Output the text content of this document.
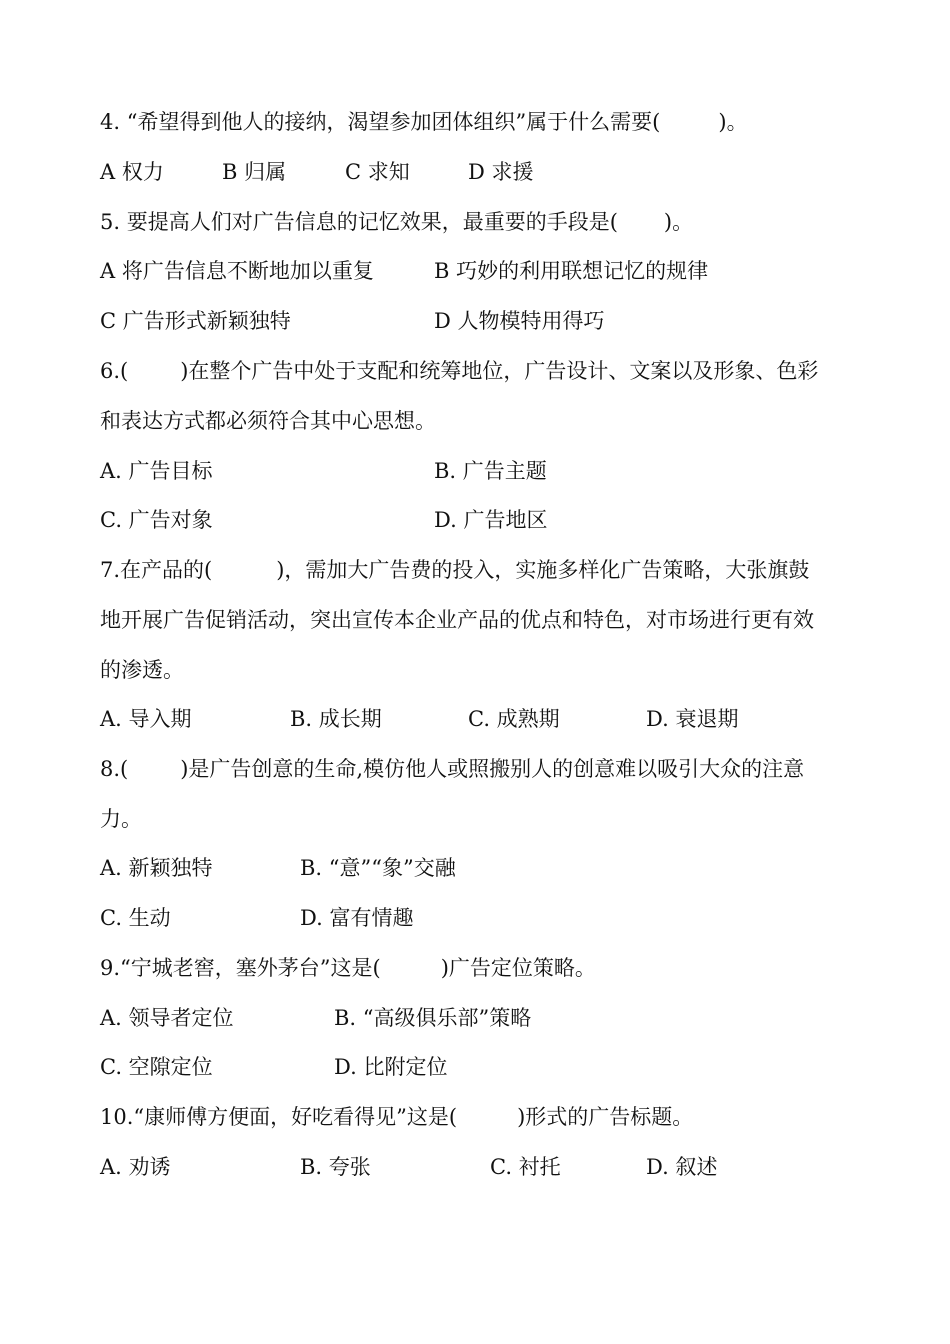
4. “希望得到他人的接纳，渴望参加团体组织”属于什么需要(	)。

A 权力

	B 归属

	C 求知

	D 求援

5. 要提高人们对广告信息的记忆效果，最重要的手段是( )。

A 将广告信息不断地加以重复

	B 巧妙的利用联想记忆的规律

C 广告形式新颖独特

	D 人物模特用得巧

6.( )在整个广告中处于支配和统筹地位，广告设计、文案以及形象、色彩
和表达方式都必须符合其中心思想。

A. 广告目标

	B. 广告主题

C. 广告对象

	D. 广告地区

7.在产品的(	)，需加大广告费的投入，实施多样化广告策略，大张旗鼓
地开展广告促销活动，突出宣传本企业产品的优点和特色，对市场进行更有效
的渗透。

A. 导入期

	B. 成长期

	C. 成熟期

	D. 衰退期

8.( )是广告创意的生命,模仿他人或照搬别人的创意难以吸引大众的注意
力。

A. 新颖独特

	B. “意”“象”交融

C. 生动

	D. 富有情趣

9.“宁城老窖，塞外茅台”这是(	)广告定位策略。

A. 领导者定位

	B. “高级俱乐部”策略

C. 空隙定位

	D. 比附定位

10.“康师傅方便面，好吃看得见”这是(	)形式的广告标题。

A. 劝诱

	B. 夸张

	C. 衬托

	D. 叙述
